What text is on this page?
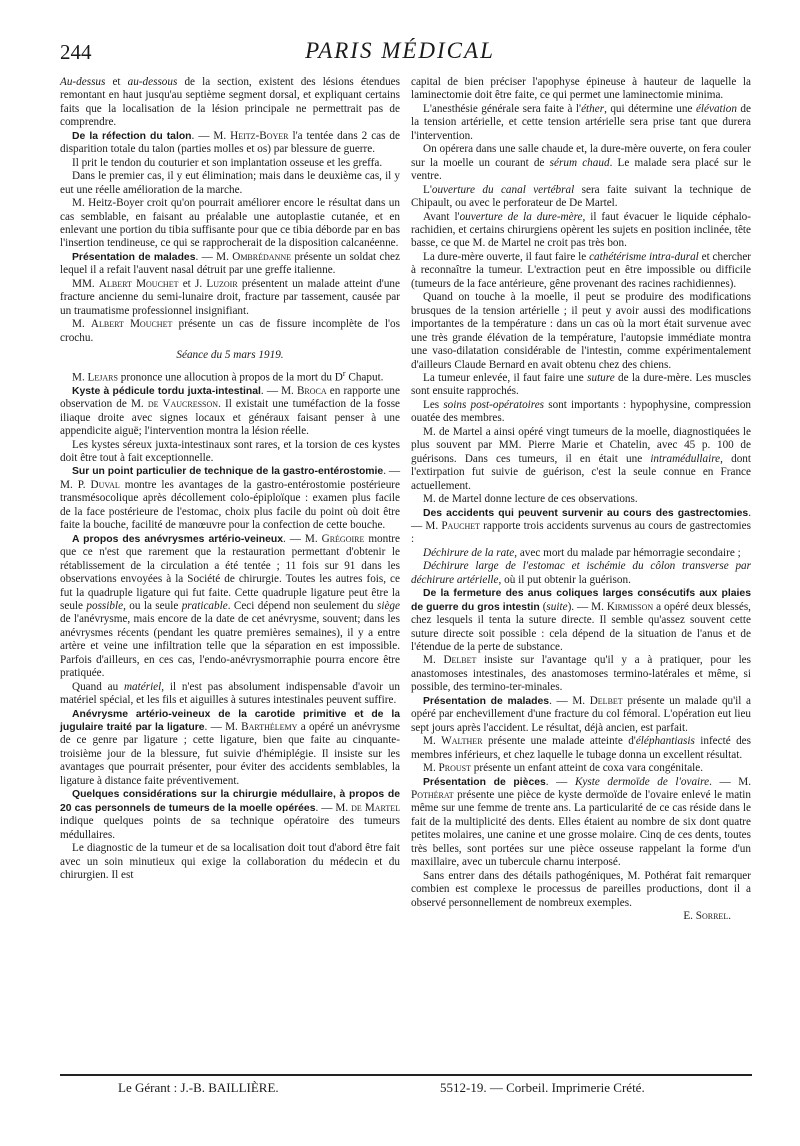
244	PARIS MÉDICAL

Au-dessus et au-dessous de la section, existent des lésions étendues remontant en haut jusqu'au septième segment dorsal, et expliquant certains faits que la localisation de la lésion principale ne permettrait pas de comprendre.

De la réfection du talon. — M. Heitz-Boyer l'a tentée dans 2 cas de disparition totale du talon (parties molles et os) par blessure de guerre.

Il prit le tendon du couturier et son implantation osseuse et les greffa.

Dans le premier cas, il y eut élimination; mais dans le deuxième cas, il y eut une réelle amélioration de la marche.

M. Heitz-Boyer croit qu'on pourrait améliorer encore le résultat dans un cas semblable, en faisant au préalable une autoplastie cutanée, et en enlevant une portion du tibia suffisante pour que ce tibia déborde par en bas l'insertion tendineuse, ce qui se rapprocherait de la disposition calcanéenne.

Présentation de malades. — M. Ombrédanne présente un soldat chez lequel il a refait l'auvent nasal détruit par une greffe italienne.

MM. Albert Mouchet et J. Luzoir présentent un malade atteint d'une fracture ancienne du semi-lunaire droit, fracture par tassement, causée par un traumatisme professionnel insignifiant.

M. Albert Mouchet présente un cas de fissure incomplète de l'os crochu.

Séance du 5 mars 1919.

M. Lejars prononce une allocution à propos de la mort du $D^r$ Chaput.

Kyste à pédicule tordu juxta-intestinal. — M. Broca en rapporte une observation de M. de Vaucresson. Il existait une tuméfaction de la fosse iliaque droite avec signes locaux et généraux faisant penser à une appendicite aiguë; l'intervention montra la lésion réelle.

Les kystes séreux juxta-intestinaux sont rares, et la torsion de ces kystes doit être tout à fait exceptionnelle.

Sur un point particulier de technique de la gastro-entérostomie. — M. P. Duval montre les avantages de la gastro-entérostomie postérieure transmésocolique après décollement colo-épiploïque : examen plus facile de la face postérieure de l'estomac, choix plus facile du point où doit être faite la bouche, facilité de manœuvre pour la confection de cette bouche.

A propos des anévrysmes artério-veineux. — M. Grégoire montre que ce n'est que rarement que la restauration permettant d'obtenir le rétablissement de la circulation a été tentée ; 11 fois sur 91 dans les observations envoyées à la Société de chirurgie. Toutes les autres fois, ce fut la quadruple ligature qui fut faite. Cette quadruple ligature peut être la seule possible, ou la seule praticable. Ceci dépend non seulement du siège de l'anévrysme, mais encore de la date de cet anévrysme, souvent; dans les anévrysmes récents (pendant les quatre premières semaines), il y a entre artère et veine une infiltration telle que la séparation en est impossible. Parfois d'ailleurs, en ces cas, l'endo-anévrysmorraphie pourra encore être pratiquée.

Quand au matériel, il n'est pas absolument indispensable d'avoir un matériel spécial, et les fils et aiguilles à sutures intestinales peuvent suffire.

Anévrysme artério-veineux de la carotide primitive et de la jugulaire traité par la ligature. — M. Barthélemy a opéré un anévrysme de ce genre par ligature ; cette ligature, bien que faite au cinquante-troisième jour de la blessure, fut suivie d'hémiplégie. Il insiste sur les avantages que pourrait présenter, pour éviter des accidents semblables, la ligature à distance faite préventivement.

Quelques considérations sur la chirurgie médullaire, à propos de 20 cas personnels de tumeurs de la moelle opérées. — M. de Martel indique quelques points de sa technique opératoire des tumeurs médullaires.

Le diagnostic de la tumeur et de sa localisation doit tout d'abord être fait avec un soin minutieux qui exige la collaboration du médecin et du chirurgien. Il est

capital de bien préciser l'apophyse épineuse à hauteur de laquelle la laminectomie doit être faite, ce qui permet une laminectomie minima.

L'anesthésie générale sera faite à l'éther, qui détermine une élévation de la tension artérielle, et cette tension artérielle sera prise tant que durera l'intervention.

On opérera dans une salle chaude et, la dure-mère ouverte, on fera couler sur la moelle un courant de sérum chaud. Le malade sera placé sur le ventre.

L'ouverture du canal vertébral sera faite suivant la technique de Chipault, ou avec le perforateur de De Martel.

Avant l'ouverture de la dure-mère, il faut évacuer le liquide céphalo-rachidien, et certains chirurgiens opèrent les sujets en position inclinée, tête basse, ce que M. de Martel ne croit pas très bon.

La dure-mère ouverte, il faut faire le cathétérisme intra-dural et chercher à reconnaître la tumeur. L'extraction peut en être impossible ou difficile (tumeurs de la face antérieure, gêne provenant des racines rachidiennes).

Quand on touche à la moelle, il peut se produire des modifications brusques de la tension artérielle ; il peut y avoir aussi des modifications importantes de la température : dans un cas où la mort était survenue avec une très grande élévation de la température, l'autopsie immédiate montra une vaso-dilatation considérable de l'intestin, comme expérimentalement d'ailleurs Claude Bernard en avait obtenu chez des chiens.

La tumeur enlevée, il faut faire une suture de la dure-mère. Les muscles sont ensuite rapprochés.

Les soins post-opératoires sont importants : hypophysine, compression ouatée des membres.

M. de Martel a ainsi opéré vingt tumeurs de la moelle, diagnostiquées le plus souvent par MM. Pierre Marie et Chatelin, avec 45 p. 100 de guérisons. Dans ces tumeurs, il en était une intramédullaire, dont l'extirpation fut suivie de guérison, c'est la seule connue en France actuellement.

M. de Martel donne lecture de ces observations.

Des accidents qui peuvent survenir au cours des gastrectomies. — M. Pauchet rapporte trois accidents survenus au cours de gastrectomies :

Déchirure de la rate, avec mort du malade par hémorragie secondaire ;

Déchirure large de l'estomac et ischémie du côlon transverse par déchirure artérielle, où il put obtenir la guérison.

De la fermeture des anus coliques larges consécutifs aux plaies de guerre du gros intestin (suite). — M. Kirmisson a opéré deux blessés, chez lesquels il tenta la suture directe. Il semble qu'assez souvent cette suture directe soit possible : cela dépend de la situation de l'anus et de l'étendue de la perte de substance.

M. Delbet insiste sur l'avantage qu'il y a à pratiquer, pour les anastomoses intestinales, des anastomoses termino-latérales et même, si possible, des termino-ter-minales.

Présentation de malades. — M. Delbet présente un malade qu'il a opéré par enchevillement d'une fracture du col fémoral. L'opération eut lieu sept jours après l'accident. Le résultat, déjà ancien, est parfait.

M. Walther présente une malade atteinte d'éléphantiasis infecté des membres inférieurs, et chez laquelle le tubage donna un excellent résultat.

M. Proust présente un enfant atteint de coxa vara congénitale.

Présentation de pièces. — Kyste dermoïde de l'ovaire. — M. Pothérat présente une pièce de kyste dermoïde de l'ovaire enlevé le matin même sur une femme de trente ans. La particularité de ce cas réside dans le fait de la multiplicité des dents. Elles étaient au nombre de six dont quatre petites molaires, une canine et une grosse molaire. Cinq de ces dents, toutes très belles, sont portées sur une pièce osseuse rappelant la forme d'un maxillaire, avec un tubercule charnu interposé.

Sans entrer dans des détails pathogéniques, M. Pothérat fait remarquer combien est complexe le processus de pareilles productions, dont il a observé personnellement de nombreux exemples.

E. Sorrel.

Le Gérant : J.-B. BAILLIÈRE.	5512-19. — Corbeil. Imprimerie Crété.
